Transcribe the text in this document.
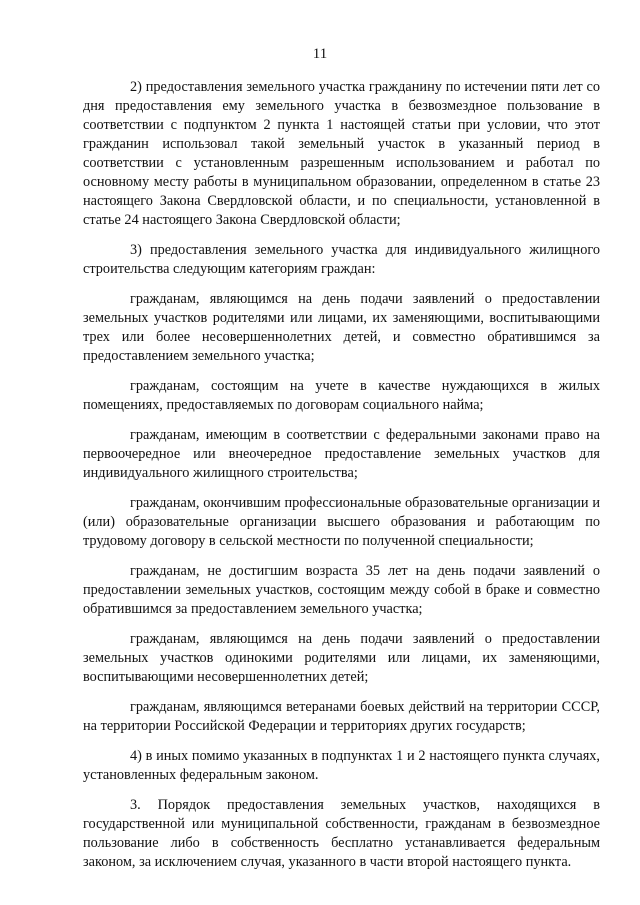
11

2) предоставления земельного участка гражданину по истечении пяти лет со дня предоставления ему земельного участка в безвозмездное пользование в соответствии с подпунктом 2 пункта 1 настоящей статьи при условии, что этот гражданин использовал такой земельный участок в указанный период в соответствии с установленным разрешенным использованием и работал по основному месту работы в муниципальном образовании, определенном в статье 23 настоящего Закона Свердловской области, и по специальности, установленной в статье 24 настоящего Закона Свердловской области;

3) предоставления земельного участка для индивидуального жилищного строительства следующим категориям граждан:

гражданам, являющимся на день подачи заявлений о предоставлении земельных участков родителями или лицами, их заменяющими, воспитывающими трех или более несовершеннолетних детей, и совместно обратившимся за предоставлением земельного участка;

гражданам, состоящим на учете в качестве нуждающихся в жилых помещениях, предоставляемых по договорам социального найма;

гражданам, имеющим в соответствии с федеральными законами право на первоочередное или внеочередное предоставление земельных участков для индивидуального жилищного строительства;

гражданам, окончившим профессиональные образовательные организации и (или) образовательные организации высшего образования и работающим по трудовому договору в сельской местности по полученной специальности;

гражданам, не достигшим возраста 35 лет на день подачи заявлений о предоставлении земельных участков, состоящим между собой в браке и совместно обратившимся за предоставлением земельного участка;

гражданам, являющимся на день подачи заявлений о предоставлении земельных участков одинокими родителями или лицами, их заменяющими, воспитывающими несовершеннолетних детей;

гражданам, являющимся ветеранами боевых действий на территории СССР, на территории Российской Федерации и территориях других государств;

4) в иных помимо указанных в подпунктах 1 и 2 настоящего пункта случаях, установленных федеральным законом.

3. Порядок предоставления земельных участков, находящихся в государственной или муниципальной собственности, гражданам в безвозмездное пользование либо в собственность бесплатно устанавливается федеральным законом, за исключением случая, указанного в части второй настоящего пункта.
